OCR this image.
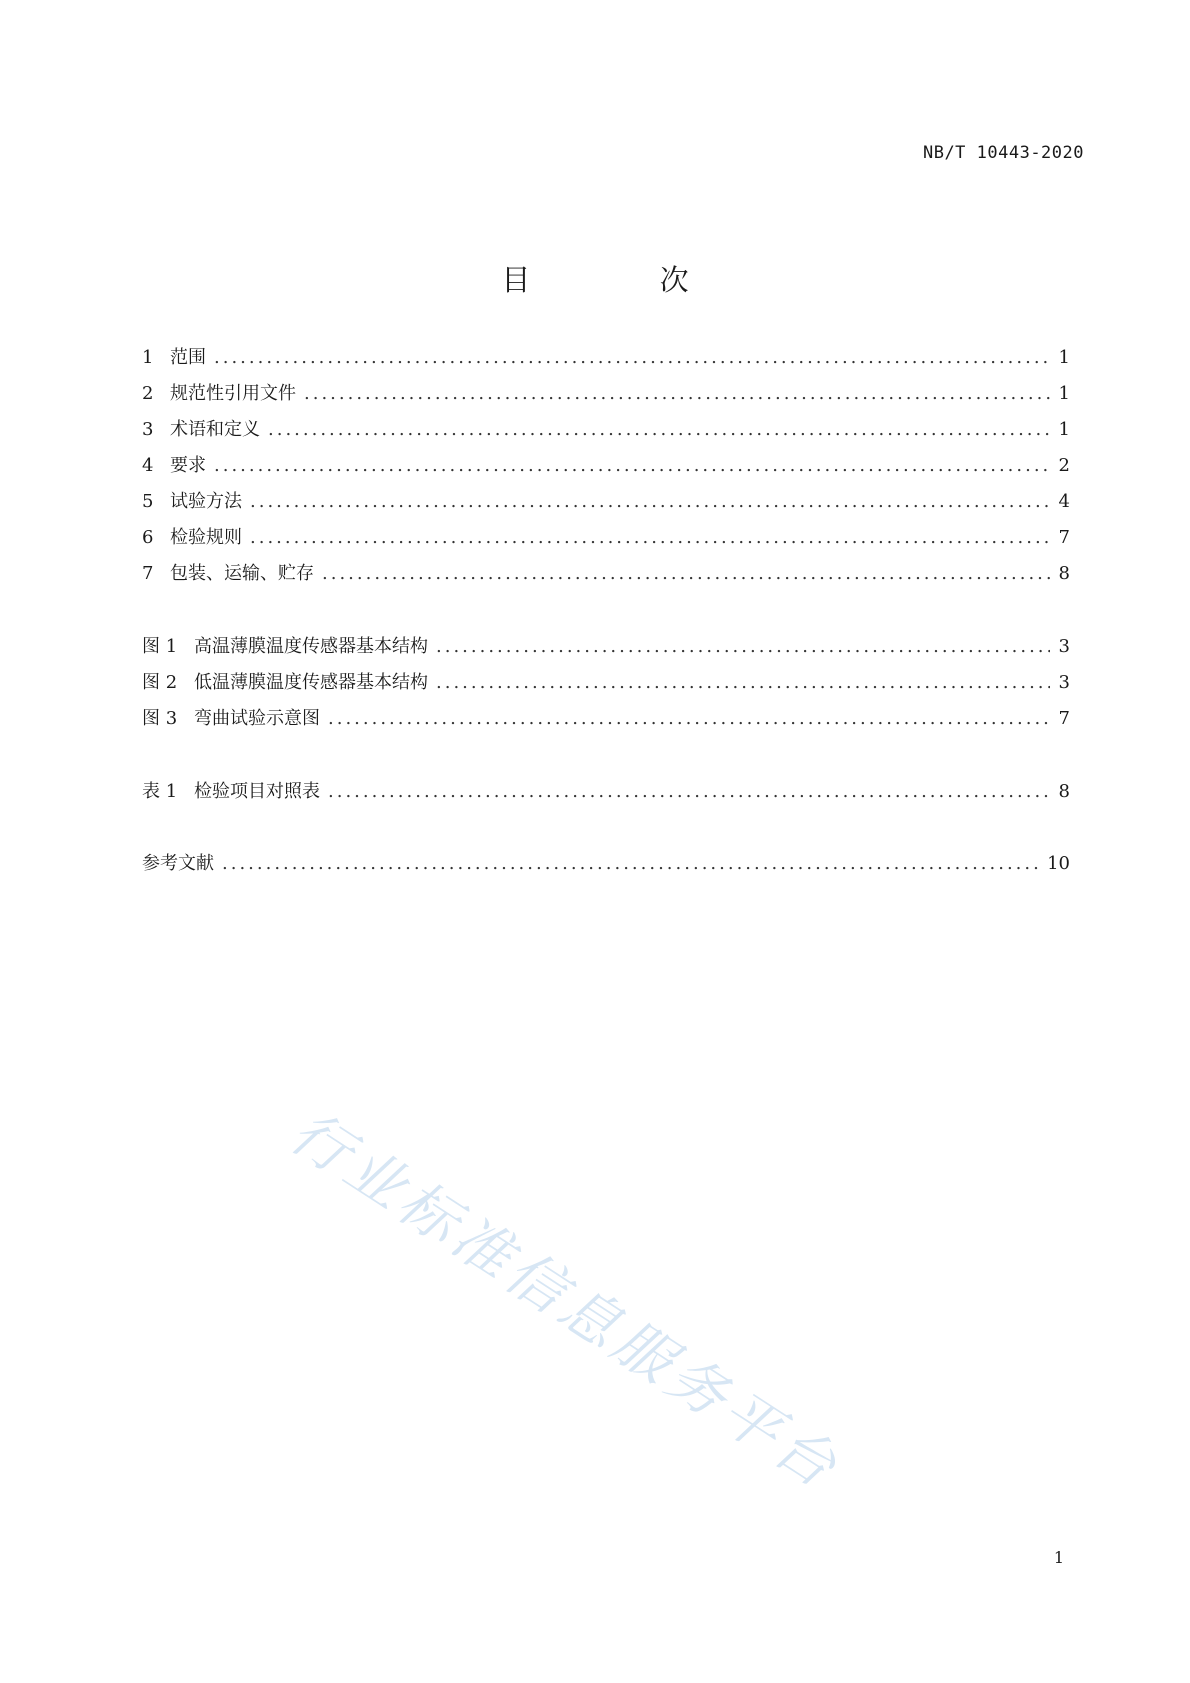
NB/T 10443-2020
目 次
1 范围 .....	1
2 规范性引用文件 .....	1
3 术语和定义 .....	1
4 要求 .....	2
5 试验方法 .....	4
6 检验规则 .....	7
7 包装、运输、贮存 .....	8
图 1 高温薄膜温度传感器基本结构 .....	3
图 2 低温薄膜温度传感器基本结构 .....	3
图 3 弯曲试验示意图 .....	7
表 1 检验项目对照表 .....	8
参考文献 .....	10
行业标准信息服务平台
1
